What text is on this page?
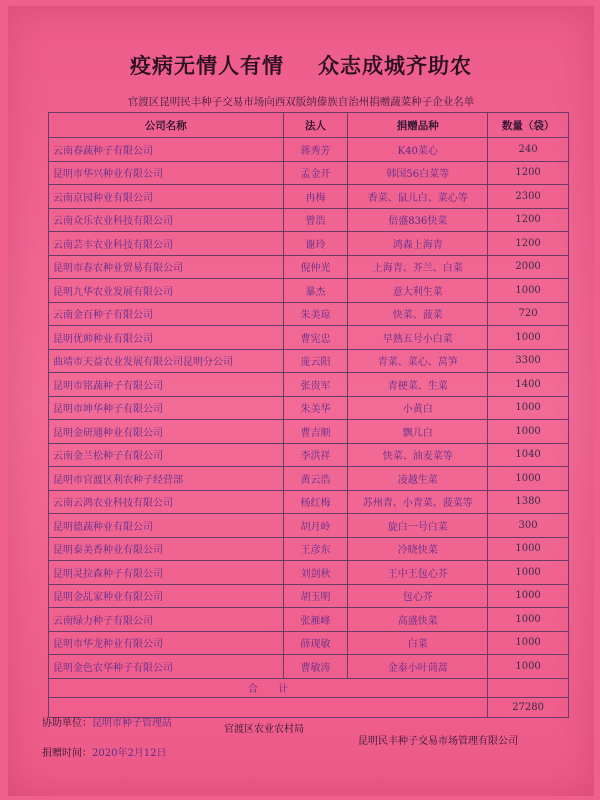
疫病无情人有情 众志成城齐助农
官渡区昆明民丰种子交易市场向西双版纳傣族自治州捐赠蔬菜种子企业名单
公司名称	法人	捐赠品种	数量（袋）
云南春蔬种子有限公司	蒋秀芳	K40菜心	240
昆明市华兴种业有限公司	孟金开	韩国56白菜等	1200
云南京园种业有限公司	冉梅	香菜、鼠儿白、菜心等	2300
云南众乐农业科技有限公司	曾浩	倍盛836快菜	1200
云南芸丰农业科技有限公司	谢玲	鸿森上海青	1200
昆明市春农种业贸易有限公司	倪仲光	上海青、芥兰、白菜	2000
昆明九华农业发展有限公司	暴杰	意大利生菜	1000
云南金百种子有限公司	朱美琼	快菜、菠菜	720
昆明优帅种业有限公司	曹宪忠	早熟五号小白菜	1000
曲靖市天益农业发展有限公司昆明分公司	庞云阳	青菜、菜心、莴笋	3300
昆明市铭蔬种子有限公司	张贵军	青梗菜、生菜	1400
昆明市坤华种子有限公司	朱美华	小黄白	1000
昆明金研通种业有限公司	曹吉顺	飘儿白	1000
云南金兰松种子有限公司	李洪祥	快菜、油麦菜等	1040
昆明市官渡区利农种子经营部	黄云浩	凌越生菜	1000
云南云鸿农业科技有限公司	杨红梅	苏州青、小青菜、菠菜等	1380
昆明德蔬种业有限公司	胡月岭	旋白一号白菜	300
昆明泰美香种业有限公司	王彦东	冷晓快菜	1000
昆明灵拉森种子有限公司	刘剑秋	王中王包心芥	1000
昆明金乩家种业有限公司	胡玉明	包心芥	1000
云南绿力种子有限公司	张雁峰	高盛快菜	1000
昆明市华龙种业有限公司	薛现敏	白菜	1000
昆明金色农华种子有限公司	曹敏涛	金泰小叶茼蒿	1000
合　　计			
			27280
协助单位：昆明市种子管理站
官渡区农业农村局
昆明民丰种子交易市场管理有限公司
捐赠时间：2020年2月12日
